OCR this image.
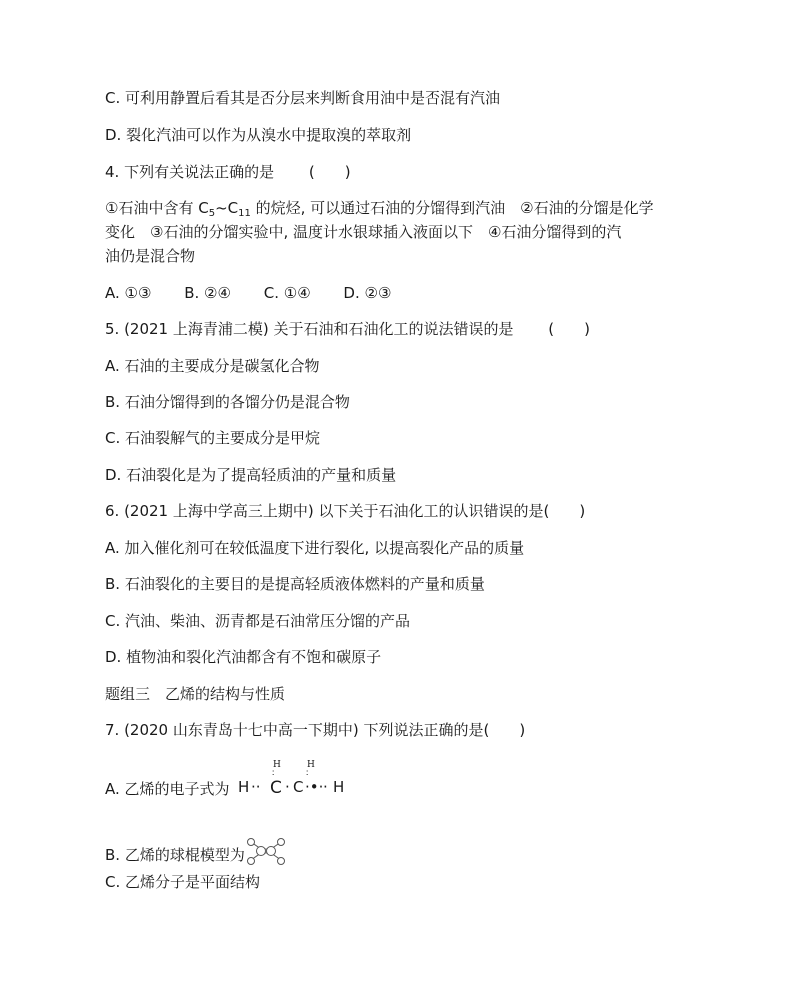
C. 可利用静置后看其是否分层来判断食用油中是否混有汽油
D. 裂化汽油可以作为从溴水中提取溴的萃取剂
4. 下列有关说法正确的是 (　　)
①石油中含有 $C_5\sim C_{11}$ 的烷烃, 可以通过石油的分馏得到汽油　②石油的分馏是化学
变化　③石油的分馏实验中, 温度计水银球插入液面以下　④石油分馏得到的汽
油仍是混合物
A. ①③ B. ②④ C. ①④ D. ②③
5. (2021 上海青浦二模) 关于石油和石油化工的说法错误的是 (　　)
A. 石油的主要成分是碳氢化合物
B. 石油分馏得到的各馏分仍是混合物
C. 石油裂解气的主要成分是甲烷
D. 石油裂化是为了提高轻质油的产量和质量
6. (2021 上海中学高三上期中) 以下关于石油化工的认识错误的是(　　)
A. 加入催化剂可在较低温度下进行裂化, 以提高裂化产品的质量
B. 石油裂化的主要目的是提高轻质液体燃料的产量和质量
C. 汽油、柴油、沥青都是石油常压分馏的产品
D. 植物油和裂化汽油都含有不饱和碳原子
题组三　乙烯的结构与性质
7. (2020 山东青岛十七中高一下期中) 下列说法正确的是(　　)
A. 乙烯的电子式为
H	H
∶	∶
H ·· C · C ·•· · H
B. 乙烯的球棍模型为
C. 乙烯分子是平面结构
